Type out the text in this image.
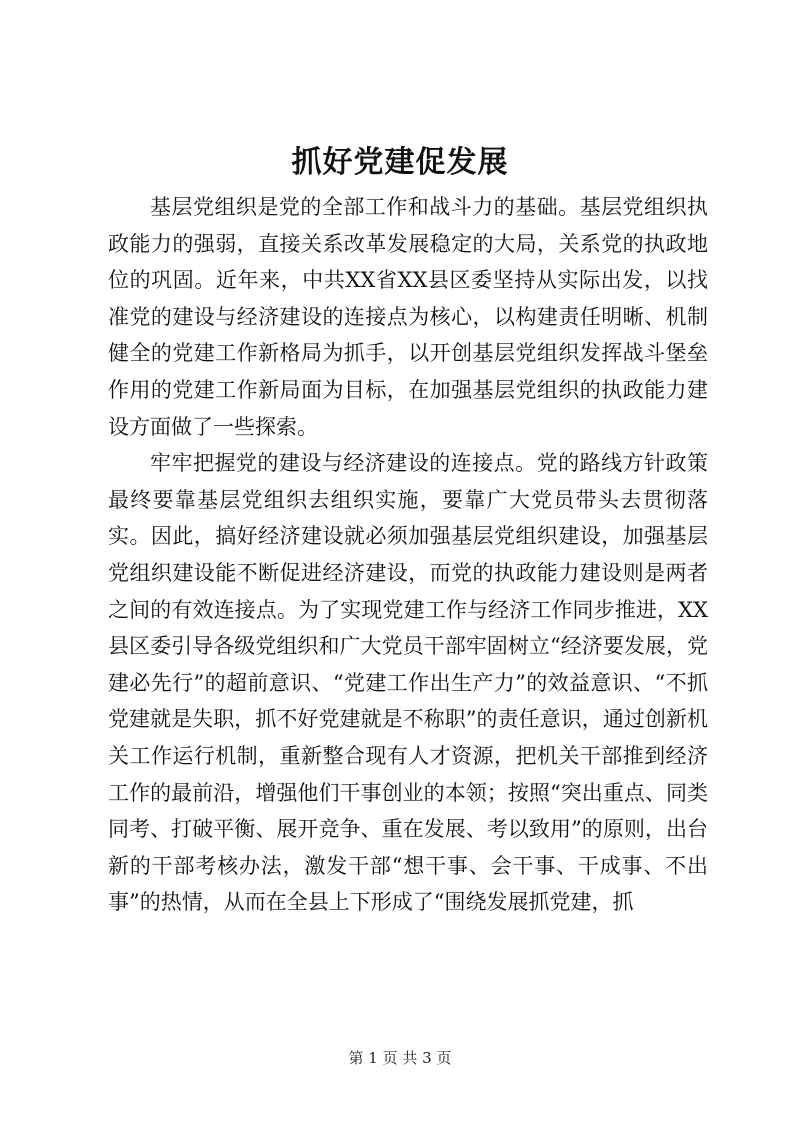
抓好党建促发展

基层党组织是党的全部工作和战斗力的基础。基层党组织执政能力的强弱，直接关系改革发展稳定的大局，关系党的执政地位的巩固。近年来，中共XX省XX县区委坚持从实际出发，以找准党的建设与经济建设的连接点为核心，以构建责任明晰、机制健全的党建工作新格局为抓手，以开创基层党组织发挥战斗堡垒作用的党建工作新局面为目标，在加强基层党组织的执政能力建设方面做了一些探索。

牢牢把握党的建设与经济建设的连接点。党的路线方针政策最终要靠基层党组织去组织实施，要靠广大党员带头去贯彻落实。因此，搞好经济建设就必须加强基层党组织建设，加强基层党组织建设能不断促进经济建设，而党的执政能力建设则是两者之间的有效连接点。为了实现党建工作与经济工作同步推进，XX县区委引导各级党组织和广大党员干部牢固树立“经济要发展，党建必先行”的超前意识、“党建工作出生产力”的效益意识、“不抓党建就是失职，抓不好党建就是不称职”的责任意识，通过创新机关工作运行机制，重新整合现有人才资源，把机关干部推到经济工作的最前沿，增强他们干事创业的本领；按照“突出重点、同类同考、打破平衡、展开竞争、重在发展、考以致用”的原则，出台新的干部考核办法，激发干部“想干事、会干事、干成事、不出事”的热情，从而在全县上下形成了“围绕发展抓党建，抓

第 1 页 共 3 页
